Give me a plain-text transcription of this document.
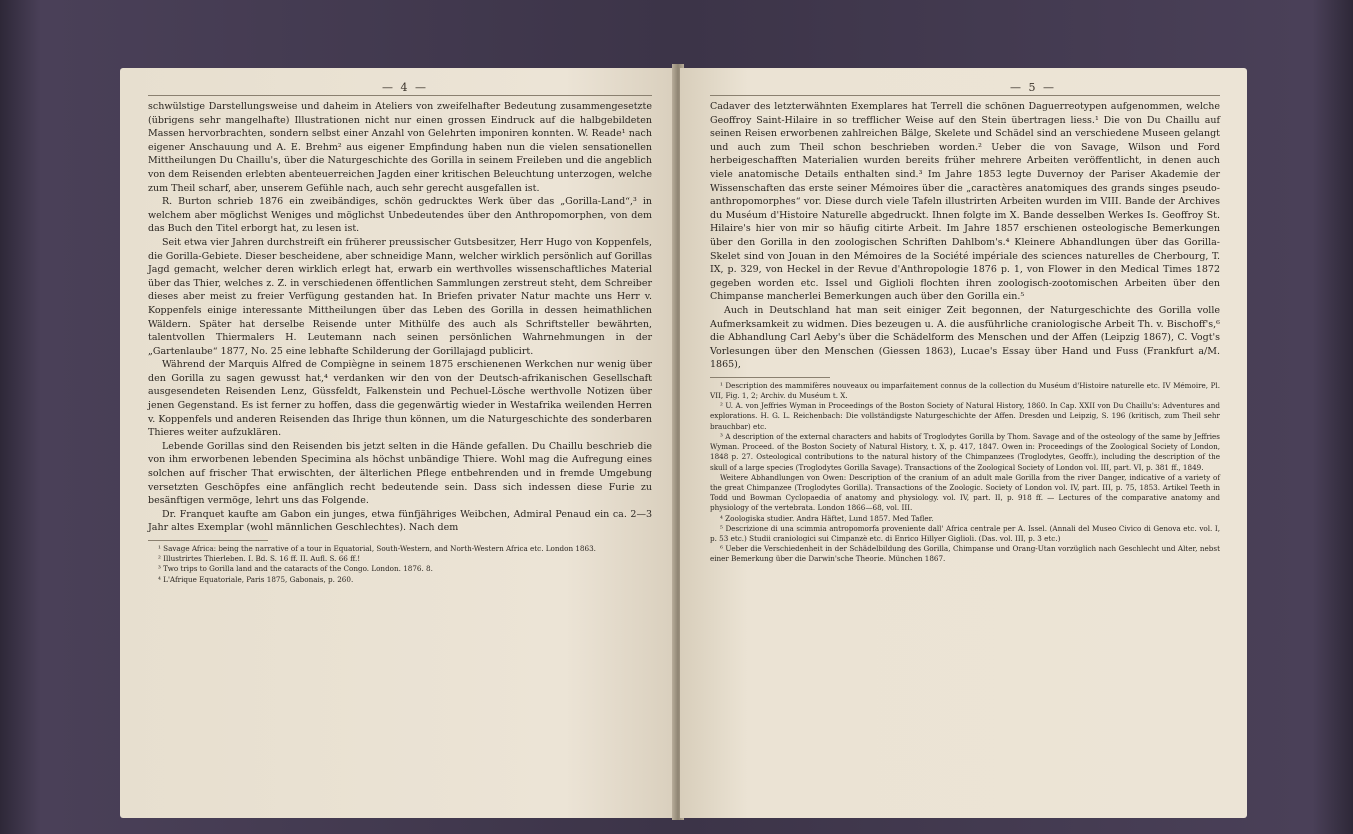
— 4 —

schwülstige Darstellungsweise und daheim in Ateliers von zweifelhafter Bedeutung zusammengesetzte (übrigens sehr mangelhafte) Illustrationen nicht nur einen grossen Eindruck auf die halbgebildeten Massen hervorbrachten, sondern selbst einer Anzahl von Gelehrten imponiren konnten. W. Reade¹ nach eigener Anschauung und A. E. Brehm² aus eigener Empfindung haben nun die vielen sensationellen Mittheilungen Du Chaillu's, über die Naturgeschichte des Gorilla in seinem Freileben und die angeblich von dem Reisenden erlebten abenteuerreichen Jagden einer kritischen Beleuchtung unterzogen, welche zum Theil scharf, aber, unserem Gefühle nach, auch sehr gerecht ausgefallen ist.

R. Burton schrieb 1876 ein zweibändiges, schön gedrucktes Werk über das „Gorilla-Land“,³ in welchem aber möglichst Weniges und möglichst Unbedeutendes über den Anthropomorphen, von dem das Buch den Titel erborgt hat, zu lesen ist.

Seit etwa vier Jahren durchstreift ein früherer preussischer Gutsbesitzer, Herr Hugo von Koppenfels, die Gorilla-Gebiete. Dieser bescheidene, aber schneidige Mann, welcher wirklich persönlich auf Gorillas Jagd gemacht, welcher deren wirklich erlegt hat, erwarb ein werthvolles wissenschaftliches Material über das Thier, welches z. Z. in verschiedenen öffentlichen Sammlungen zerstreut steht, dem Schreiber dieses aber meist zu freier Verfügung gestanden hat. In Briefen privater Natur machte uns Herr v. Koppenfels einige interessante Mittheilungen über das Leben des Gorilla in dessen heimathlichen Wäldern. Später hat derselbe Reisende unter Mithülfe des auch als Schriftsteller bewährten, talentvollen Thiermalers H. Leutemann nach seinen persönlichen Wahrnehmungen in der „Gartenlaube“ 1877, No. 25 eine lebhafte Schilderung der Gorillajagd publicirt.

Während der Marquis Alfred de Compiègne in seinem 1875 erschienenen Werkchen nur wenig über den Gorilla zu sagen gewusst hat,⁴ verdanken wir den von der Deutsch-afrikanischen Gesellschaft ausgesendeten Reisenden Lenz, Güssfeldt, Falkenstein und Pechuel-Lösche werthvolle Notizen über jenen Gegenstand. Es ist ferner zu hoffen, dass die gegenwärtig wieder in Westafrika weilenden Herren v. Koppenfels und anderen Reisenden das Ihrige thun können, um die Naturgeschichte des sonderbaren Thieres weiter aufzuklären.

Lebende Gorillas sind den Reisenden bis jetzt selten in die Hände gefallen. Du Chaillu beschrieb die von ihm erworbenen lebenden Specimina als höchst unbändige Thiere. Wohl mag die Aufregung eines solchen auf frischer That erwischten, der älterlichen Pflege entbehrenden und in fremde Umgebung versetzten Geschöpfes eine anfänglich recht bedeutende sein. Dass sich indessen diese Furie zu besänftigen vermöge, lehrt uns das Folgende.

Dr. Franquet kaufte am Gabon ein junges, etwa fünfjähriges Weibchen, Admiral Penaud ein ca. 2—3 Jahr altes Exemplar (wohl männlichen Geschlechtes). Nach dem

¹ Savage Africa: being the narrative of a tour in Equatorial, South-Western, and North-Western Africa etc. London 1863.
² Illustrirtes Thierleben. I. Bd. S. 16 ff. II. Aufl. S. 66 ff.!
³ Two trips to Gorilla land and the cataracts of the Congo. London. 1876. 8.
⁴ L'Afrique Equatoriale, Paris 1875, Gabonais, p. 260.
— 5 —

Cadaver des letzterwähnten Exemplares hat Terrell die schönen Daguerreotypen aufgenommen, welche Geoffroy Saint-Hilaire in so trefflicher Weise auf den Stein übertragen liess.¹ Die von Du Chaillu auf seinen Reisen erworbenen zahlreichen Bälge, Skelete und Schädel sind an verschiedene Museen gelangt und auch zum Theil schon beschrieben worden.² Ueber die von Savage, Wilson und Ford herbeigeschafften Materialien wurden bereits früher mehrere Arbeiten veröffentlicht, in denen auch viele anatomische Details enthalten sind.³ Im Jahre 1853 legte Duvernoy der Pariser Akademie der Wissenschaften das erste seiner Mémoires über die „caractères anatomiques des grands singes pseudo-anthropomorphes“ vor. Diese durch viele Tafeln illustrirten Arbeiten wurden im VIII. Bande der Archives du Muséum d'Histoire Naturelle abgedruckt. Ihnen folgte im X. Bande desselben Werkes Is. Geoffroy St. Hilaire's hier von mir so häufig citirte Arbeit. Im Jahre 1857 erschienen osteologische Bemerkungen über den Gorilla in den zoologischen Schriften Dahlbom's.⁴ Kleinere Abhandlungen über das Gorilla-Skelet sind von Jouan in den Mémoires de la Société impériale des sciences naturelles de Cherbourg, T. IX, p. 329, von Heckel in der Revue d'Anthropologie 1876 p. 1, von Flower in den Medical Times 1872 gegeben worden etc. Issel und Giglioli flochten ihren zoologisch-zootomischen Arbeiten über den Chimpanse mancherlei Bemerkungen auch über den Gorilla ein.⁵

Auch in Deutschland hat man seit einiger Zeit begonnen, der Naturgeschichte des Gorilla volle Aufmerksamkeit zu widmen. Dies bezeugen u. A. die ausführliche craniologische Arbeit Th. v. Bischoff's,⁶ die Abhandlung Carl Aeby's über die Schädelform des Menschen und der Affen (Leipzig 1867), C. Vogt's Vorlesungen über den Menschen (Giessen 1863), Lucae's Essay über Hand und Fuss (Frankfurt a/M. 1865),

¹ Description des mammifères nouveaux ou imparfaitement connus de la collection du Muséum d'Histoire naturelle etc. IV Mémoire, Pl. VII, Fig. 1, 2; Archiv. du Muséum t. X.
² U. A. von Jeffries Wyman in Proceedings of the Boston Society of Natural History, 1860. In Cap. XXII von Du Chaillu's: Adventures and explorations. H. G. L. Reichenbach: Die vollständigste Naturgeschichte der Affen. Dresden und Leipzig, S. 196 (kritisch, zum Theil sehr brauchbar) etc.
³ A description of the external characters and habits of Troglodytes Gorilla by Thom. Savage and of the osteology of the same by Jeffries Wyman. Proceed. of the Boston Society of Natural History, t. X, p. 417, 1847. Owen in: Proceedings of the Zoological Society of London, 1848 p. 27. Osteological contributions to the natural history of the Chimpanzees (Troglodytes, Geoffr.), including the description of the skull of a large species (Troglodytes Gorilla Savage). Transactions of the Zoological Society of London vol. III, part. VI, p. 381 ff., 1849.
Weitere Abhandlungen von Owen: Description of the cranium of an adult male Gorilla from the river Danger, indicative of a variety of the great Chimpanzee (Troglodytes Gorilla). Transactions of the Zoologic. Society of London vol. IV, part. III, p. 75, 1853. Artikel Teeth in Todd und Bowman Cyclopaedia of anatomy and physiology. vol. IV, part. II, p. 918 ff. — Lectures of the comparative anatomy and physiology of the vertebrata. London 1866—68, vol. III.
⁴ Zoologiska studier. Andra Häftet, Lund 1857. Med Tafler.
⁵ Descrizione di una scimmia antropomorfa proveniente dall' Africa centrale per A. Issel. (Annali del Museo Civico di Genova etc. vol. I, p. 53 etc.) Studii craniologici sui Cimpanzè etc. di Enrico Hillyer Giglioli. (Das. vol. III, p. 3 etc.)
⁶ Ueber die Verschiedenheit in der Schädelbildung des Gorilla, Chimpanse und Orang-Utan vorzüglich nach Geschlecht und Alter, nebst einer Bemerkung über die Darwin'sche Theorie. München 1867.
